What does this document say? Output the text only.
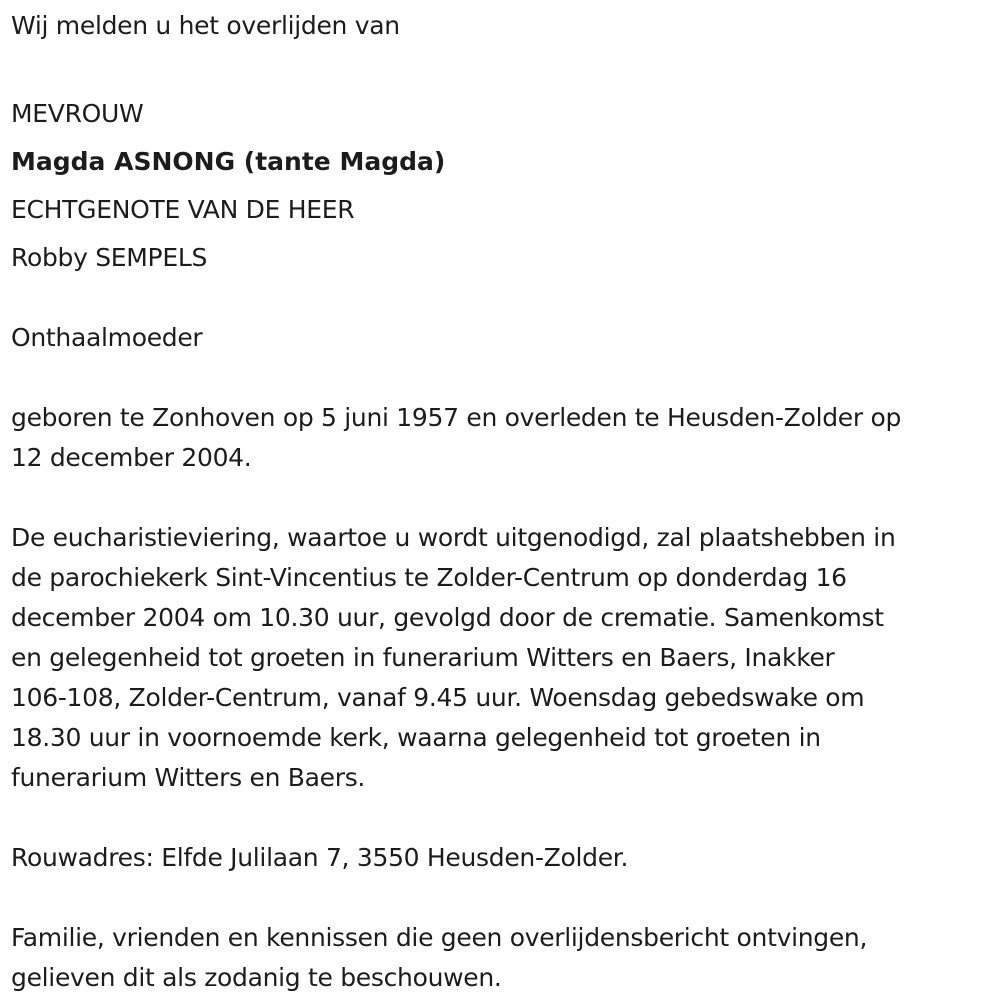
Wij melden u het overlijden van
MEVROUW
Magda ASNONG (tante Magda)
ECHTGENOTE VAN DE HEER
Robby SEMPELS
Onthaalmoeder
geboren te Zonhoven op 5 juni 1957 en overleden te Heusden-Zolder op
12 december 2004.
De eucharistieviering, waartoe u wordt uitgenodigd, zal plaatshebben in
de parochiekerk Sint-Vincentius te Zolder-Centrum op donderdag 16
december 2004 om 10.30 uur, gevolgd door de crematie. Samenkomst
en gelegenheid tot groeten in funerarium Witters en Baers, Inakker
106-108, Zolder-Centrum, vanaf 9.45 uur. Woensdag gebedswake om
18.30 uur in voornoemde kerk, waarna gelegenheid tot groeten in
funerarium Witters en Baers.
Rouwadres: Elfde Julilaan 7, 3550 Heusden-Zolder.
Familie, vrienden en kennissen die geen overlijdensbericht ontvingen,
gelieven dit als zodanig te beschouwen.
